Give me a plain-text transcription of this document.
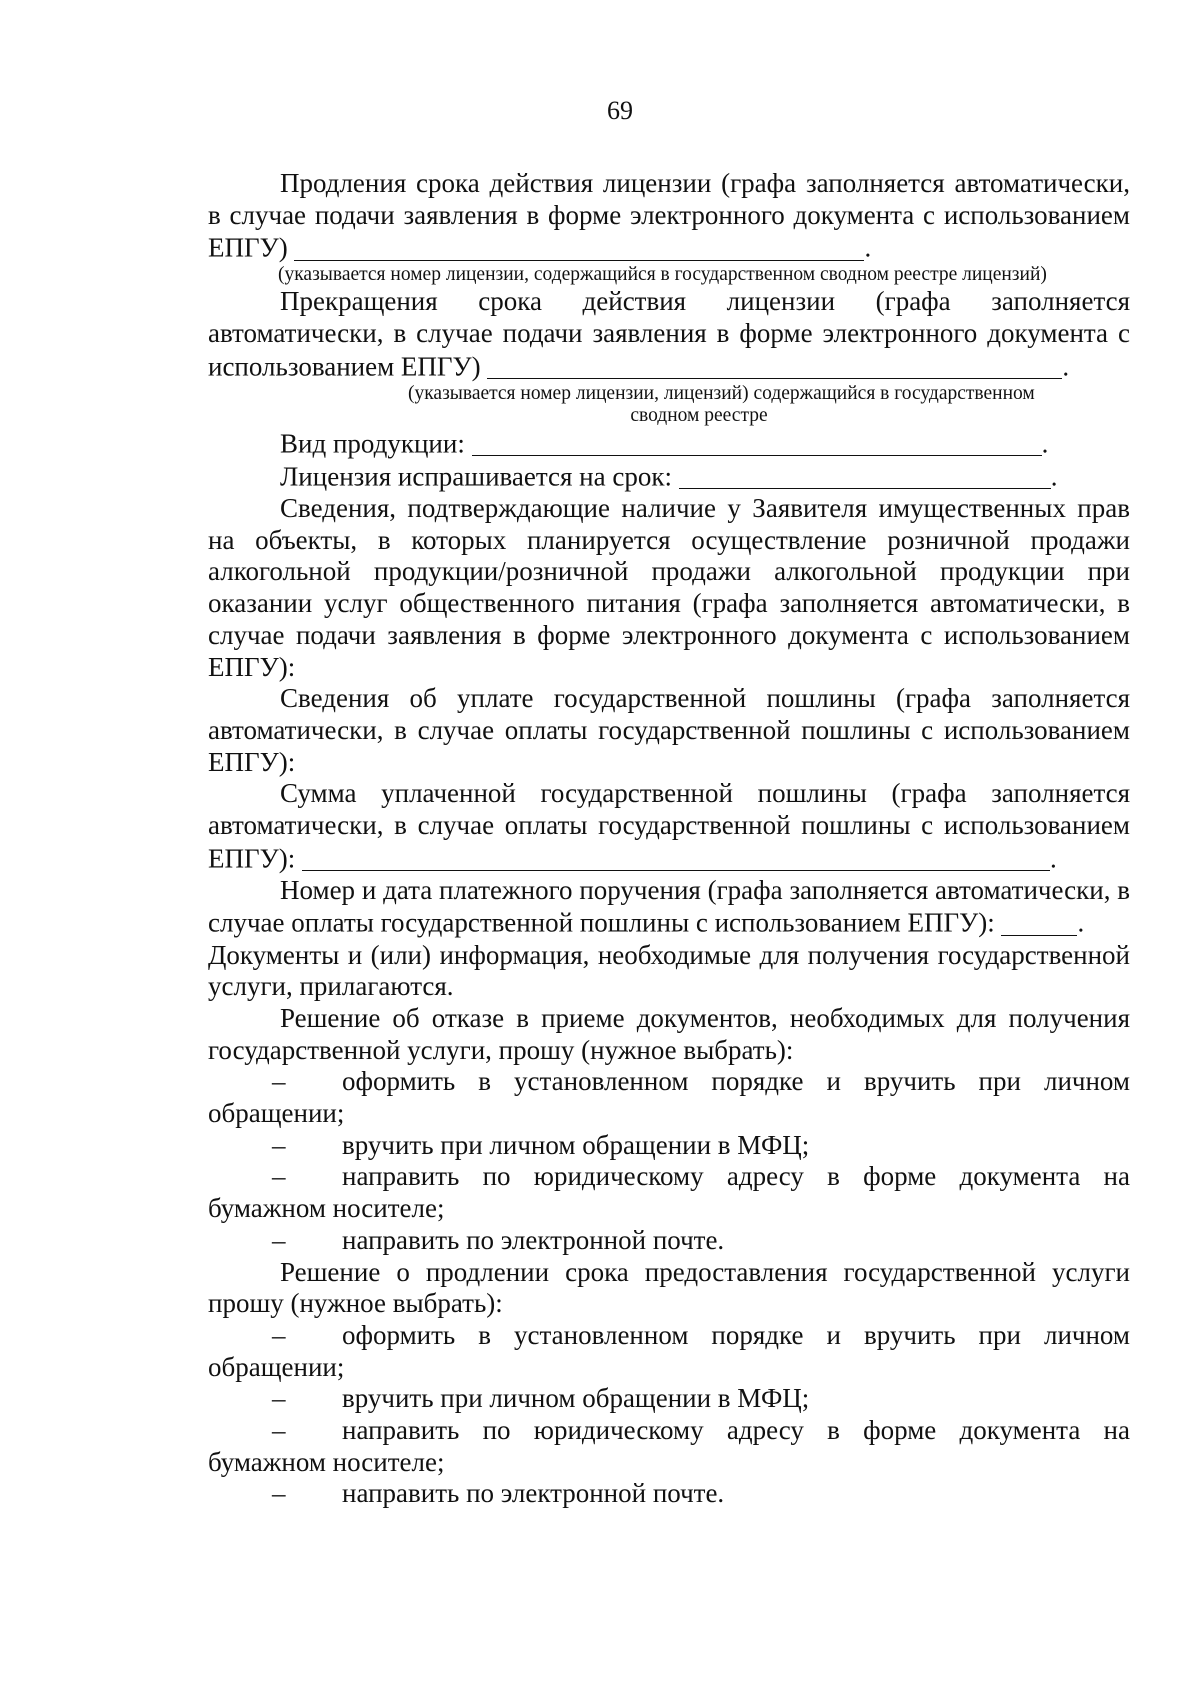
69

Продления срока действия лицензии (графа заполняется автоматически, в случае подачи заявления в форме электронного документа с использованием ЕПГУ)	.

(указывается номер лицензии, содержащийся в государственном сводном реестре лицензий)

Прекращения срока действия лицензии (графа заполняется автоматически, в случае подачи заявления в форме электронного документа с использованием ЕПГУ)	.

(указывается номер лицензии, лицензий) содержащийся в государственном

сводном реестре

Вид продукции:	.

Лицензия испрашивается на срок:	.

Сведения, подтверждающие наличие у Заявителя имущественных прав на объекты, в которых планируется осуществление розничной продажи алкогольной продукции/розничной продажи алкогольной продукции при оказании услуг общественного питания (графа заполняется автоматически, в случае подачи заявления в форме электронного документа с использованием ЕПГУ):

Сведения об уплате государственной пошлины (графа заполняется автоматически, в случае оплаты государственной пошлины с использованием ЕПГУ):

Сумма уплаченной государственной пошлины (графа заполняется автоматически, в случае оплаты государственной пошлины с использованием ЕПГУ):	.

Номер и дата платежного поручения (графа заполняется автоматически, в случае оплаты государственной пошлины с использованием ЕПГУ):	.

Документы и (или) информация, необходимые для получения государственной услуги, прилагаются.

Решение об отказе в приеме документов, необходимых для получения государственной услуги, прошу (нужное выбрать):

– оформить в установленном порядке и вручить при личном обращении;

– вручить при личном обращении в МФЦ;

– направить по юридическому адресу в форме документа на бумажном носителе;

– направить по электронной почте.

Решение о продлении срока предоставления государственной услуги прошу (нужное выбрать):

– оформить в установленном порядке и вручить при личном обращении;

– вручить при личном обращении в МФЦ;

– направить по юридическому адресу в форме документа на бумажном носителе;

– направить по электронной почте.
